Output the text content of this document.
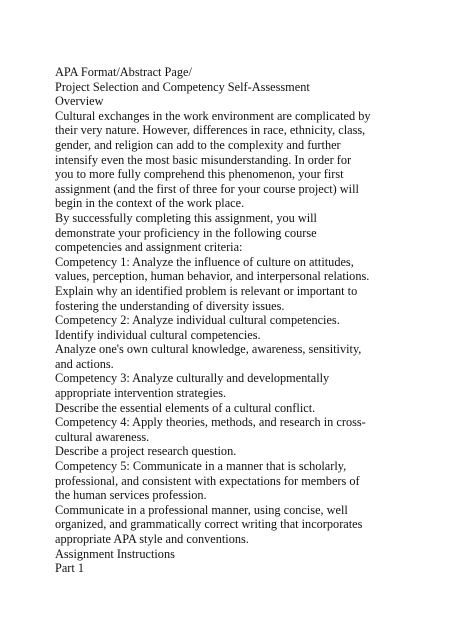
APA Format/Abstract Page/
Project Selection and Competency Self-Assessment
Overview
Cultural exchanges in the work environment are complicated by
their very nature. However, differences in race, ethnicity, class,
gender, and religion can add to the complexity and further
intensify even the most basic misunderstanding. In order for
you to more fully comprehend this phenomenon, your first
assignment (and the first of three for your course project) will
begin in the context of the work place.
By successfully completing this assignment, you will
demonstrate your proficiency in the following course
competencies and assignment criteria:
Competency 1: Analyze the influence of culture on attitudes,
values, perception, human behavior, and interpersonal relations.
Explain why an identified problem is relevant or important to
fostering the understanding of diversity issues.
Competency 2: Analyze individual cultural competencies.
Identify individual cultural competencies.
Analyze one's own cultural knowledge, awareness, sensitivity,
and actions.
Competency 3: Analyze culturally and developmentally
appropriate intervention strategies.
Describe the essential elements of a cultural conflict.
Competency 4: Apply theories, methods, and research in cross-
cultural awareness.
Describe a project research question.
Competency 5: Communicate in a manner that is scholarly,
professional, and consistent with expectations for members of
the human services profession.
Communicate in a professional manner, using concise, well
organized, and grammatically correct writing that incorporates
appropriate APA style and conventions.
Assignment Instructions
Part 1
